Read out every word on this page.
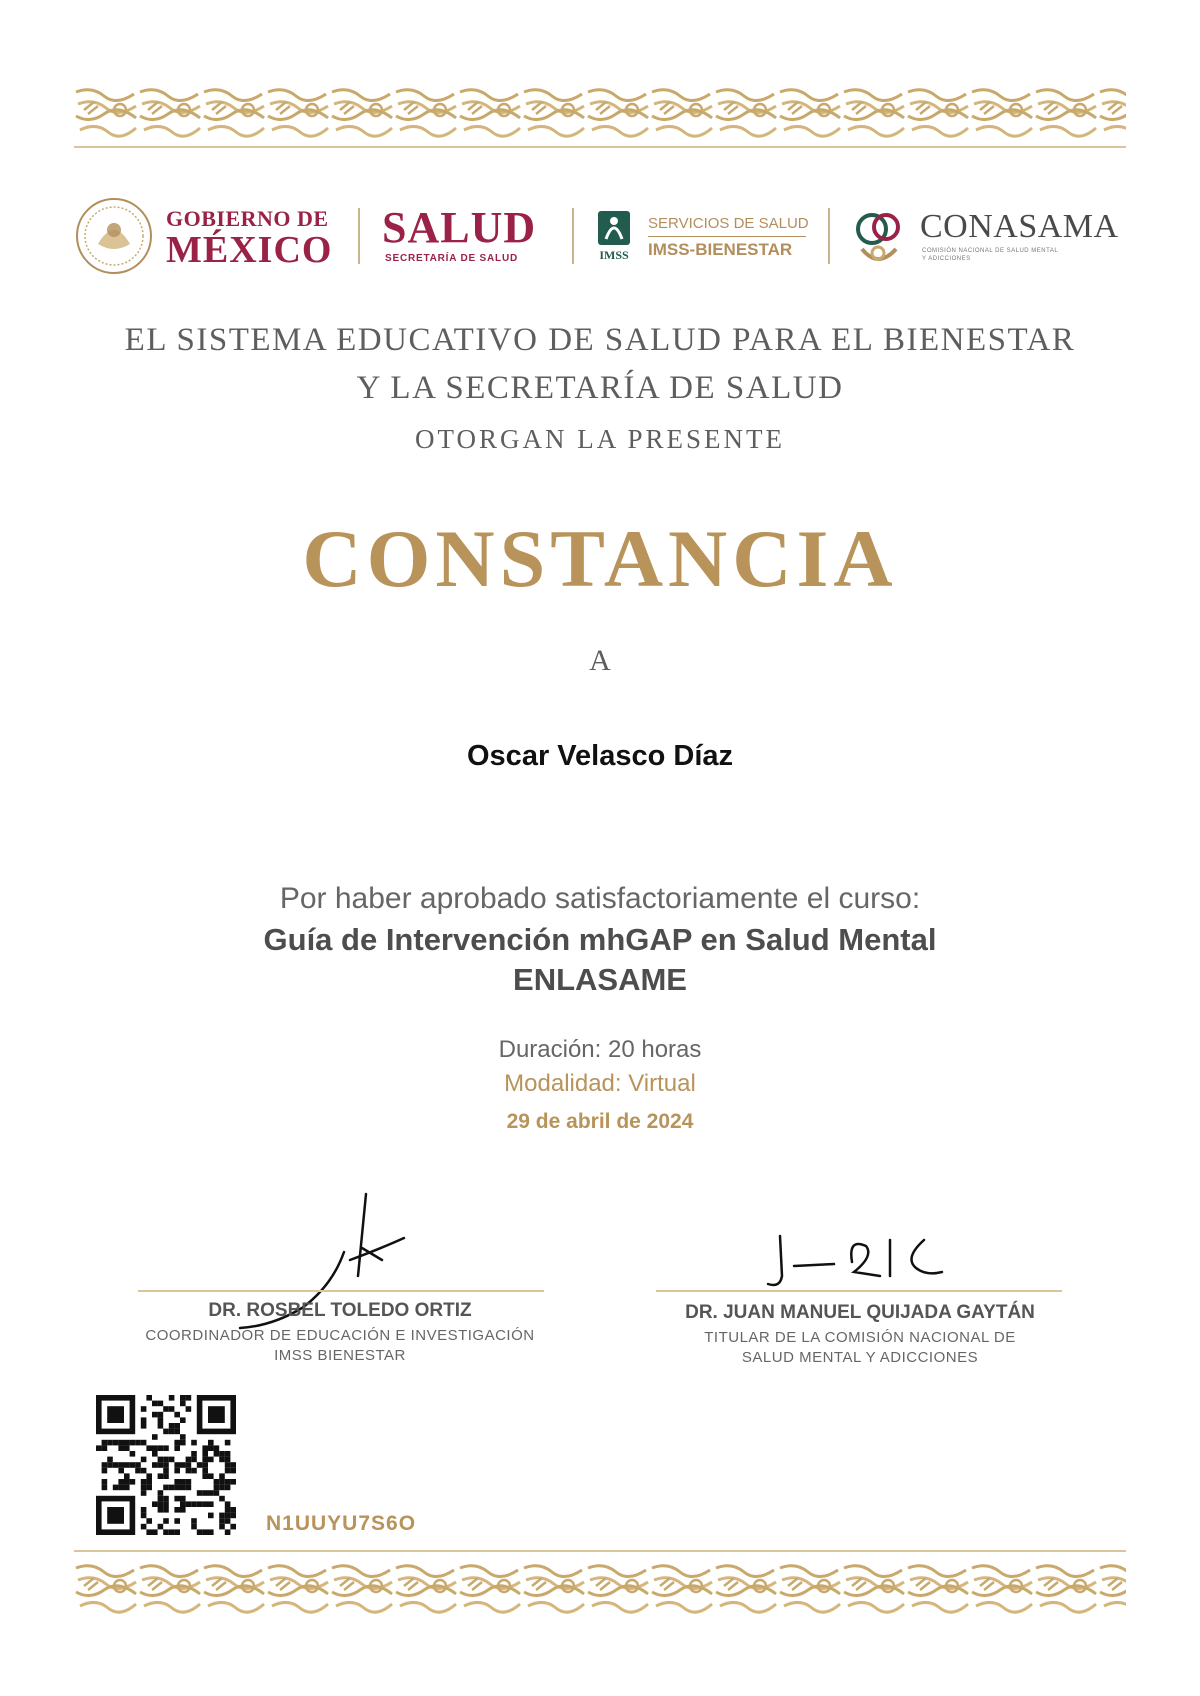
GOBIERNO DE
MÉXICO SALUD
SECRETARÍA DE SALUD	IMSS
SERVICIOS DE SALUD
IMSS-BIENESTAR
CONASAMA
COMISIÓN NACIONAL DE SALUD MENTAL
Y ADICCIONES
EL SISTEMA EDUCATIVO DE SALUD PARA EL BIENESTAR
Y LA SECRETARÍA DE SALUD
OTORGAN LA PRESENTE
CONSTANCIA
A
Oscar Velasco Díaz
Por haber aprobado satisfactoriamente el curso:
Guía de Intervención mhGAP en Salud Mental
ENLASAME
Duración: 20 horas
Modalidad: Virtual
29 de abril de 2024
DR. ROSBEL TOLEDO ORTIZ
COORDINADOR DE EDUCACIÓN E INVESTIGACIÓN
IMSS BIENESTAR
DR. JUAN MANUEL QUIJADA GAYTÁN
TITULAR DE LA COMISIÓN NACIONAL DE
SALUD MENTAL Y ADICCIONES
N1UUYU7S6O
